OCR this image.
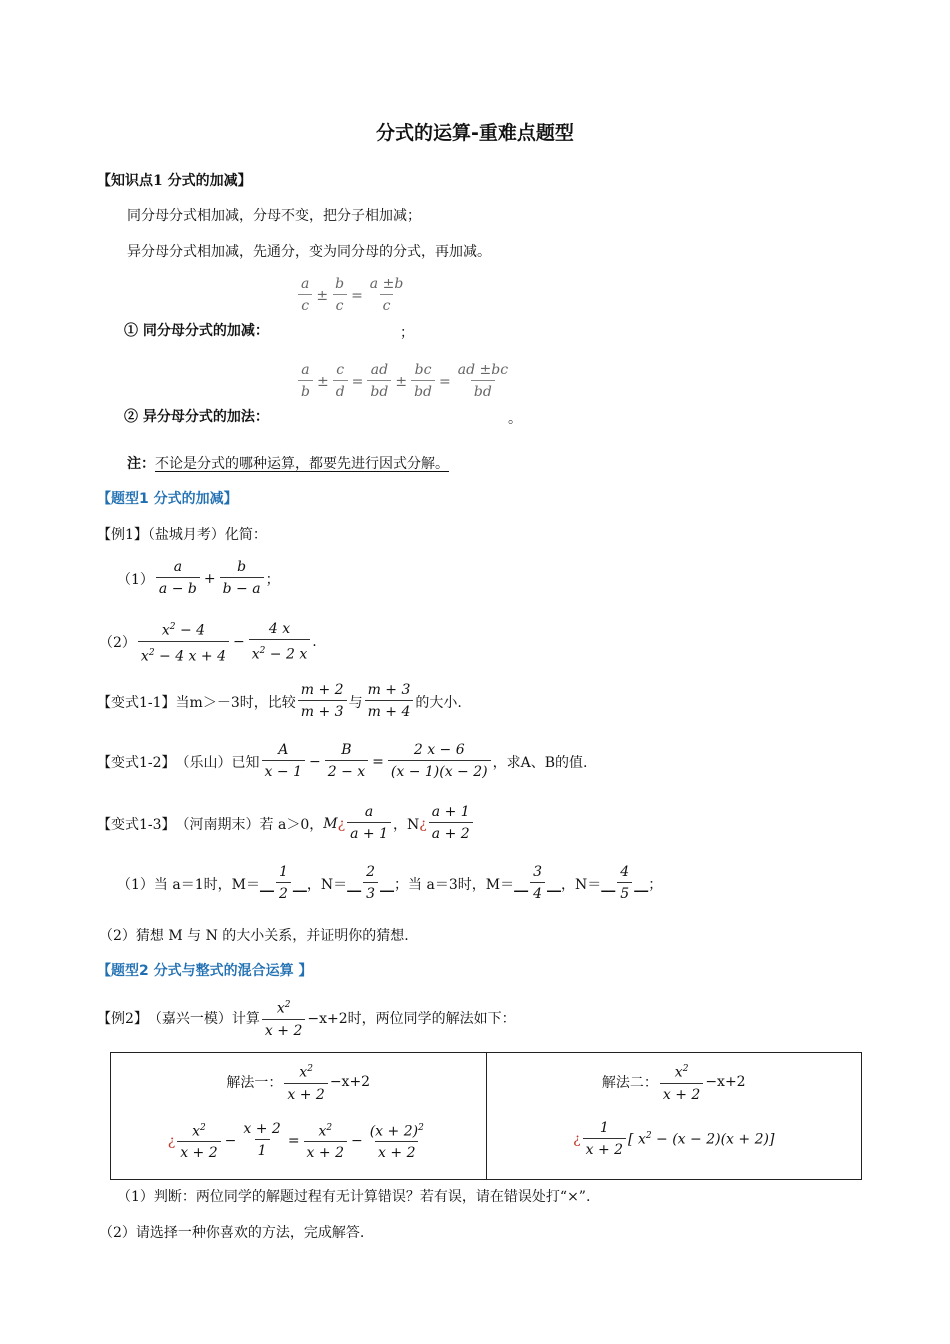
分式的运算-重难点题型
【知识点1 分式的加减】
同分母分式相加减，分母不变，把分子相加减；
异分母分式相加减，先通分，变为同分母的分式，再加减。
$\frac{a}{c} \pm \frac{b}{c} = \frac{a \pm b}{c}$
① 同分母分式的加减：	；
$\frac{a}{b} \pm \frac{c}{d} = \frac{ad}{bd} \pm \frac{bc}{bd} = \frac{ad \pm bc}{bd}$
② 异分母分式的加法：	。
注：不论是分式的哪种运算，都要先进行因式分解。
【题型1 分式的加减】
【例1】（盐城月考）化简：
$(1) \frac{a}{a - b} + \frac{b}{b - a}$ ；
$(2) \frac{x^2 - 4}{x^2 - 4 x + 4} - \frac{4 x}{x^2 - 2 x}$ .
【变式1-1】 当 m＞－3时，比较 $\frac{m + 2}{m + 3}$ 与 $\frac{m + 3}{m + 4}$ 的大小.
【变式1-2】 （乐山）已知 $\frac{A}{x - 1} - \frac{B}{2 - x} = \frac{2 x - 6}{(x - 1)(x - 2)}$ ，求A、B的值.
【变式1-3】 （河南期末）若 a＞0， M ¿ $\frac{a}{a + 1}$ ，N ¿ $\frac{a + 1}{a + 2}$
（1）当 a＝1时，M＝ __ $\frac{1}{2}$ __ ，N＝ __ $\frac{2}{3}$ __ ；当 a＝3时，M＝ __ $\frac{3}{4}$ __ ，N＝ __ $\frac{4}{5}$ __ ；
（2）猜想 M 与 N 的大小关系，并证明你的猜想.
【题型2 分式与整式的混合运算 】
【例2】 （嘉兴一模）计算 $\frac{x^2}{x + 2} -x+2$时，两位同学的解法如下：
解法一： $\frac{x^2}{x + 2} -x+2$
¿ $\frac{x^2}{x + 2} - \frac{x + 2}{1} = \frac{x^2}{x + 2} - \frac{(x + 2)^2}{x + 2}$

解法二： $\frac{x^2}{x + 2} -x+2$
¿ $\frac{1}{x + 2}$ [ $x^2 - (x - 2)(x + 2)$]
（1）判断：两位同学的解题过程有无计算错误？若有误，请在错误处打“×”.
（2）请选择一种你喜欢的方法，完成解答.
